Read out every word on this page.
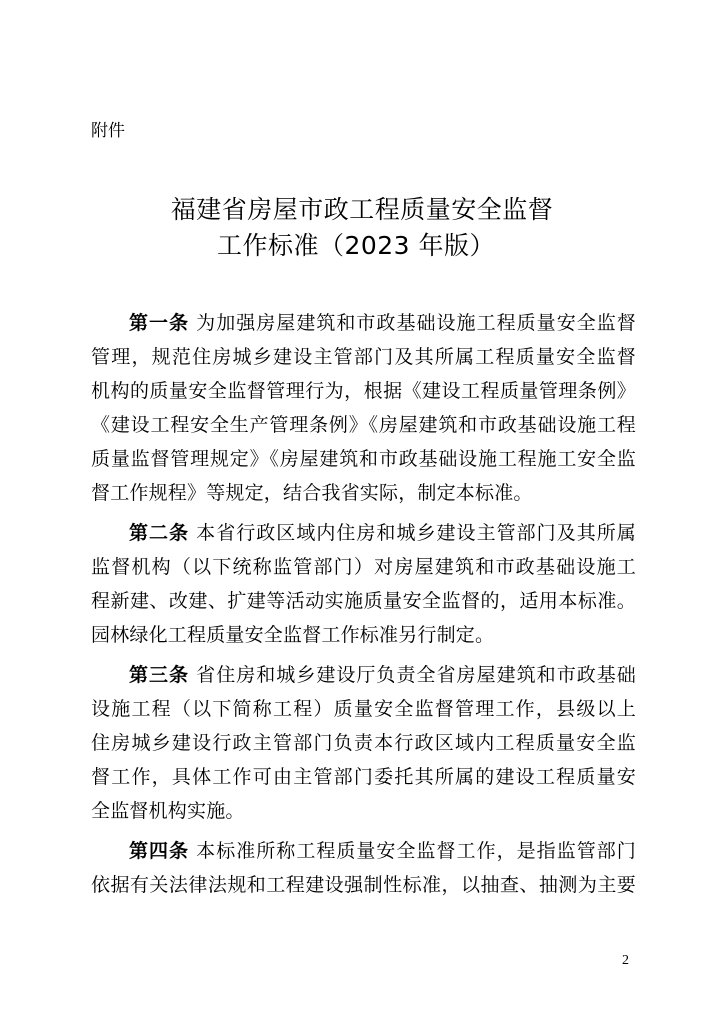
附件
福建省房屋市政工程质量安全监督
工作标准（2023 年版）
第一条 为加强房屋建筑和市政基础设施工程质量安全监督
管理，规范住房城乡建设主管部门及其所属工程质量安全监督
机构的质量安全监督管理行为，根据《建设工程质量管理条例》
《建设工程安全生产管理条例》《房屋建筑和市政基础设施工程
质量监督管理规定》《房屋建筑和市政基础设施工程施工安全监
督工作规程》等规定，结合我省实际，制定本标准。
第二条 本省行政区域内住房和城乡建设主管部门及其所属
监督机构（以下统称监管部门）对房屋建筑和市政基础设施工
程新建、改建、扩建等活动实施质量安全监督的，适用本标准。
园林绿化工程质量安全监督工作标准另行制定。
第三条 省住房和城乡建设厅负责全省房屋建筑和市政基础
设施工程（以下简称工程）质量安全监督管理工作，县级以上
住房城乡建设行政主管部门负责本行政区域内工程质量安全监
督工作，具体工作可由主管部门委托其所属的建设工程质量安
全监督机构实施。
第四条 本标准所称工程质量安全监督工作，是指监管部门
依据有关法律法规和工程建设强制性标准，以抽查、抽测为主要
2
